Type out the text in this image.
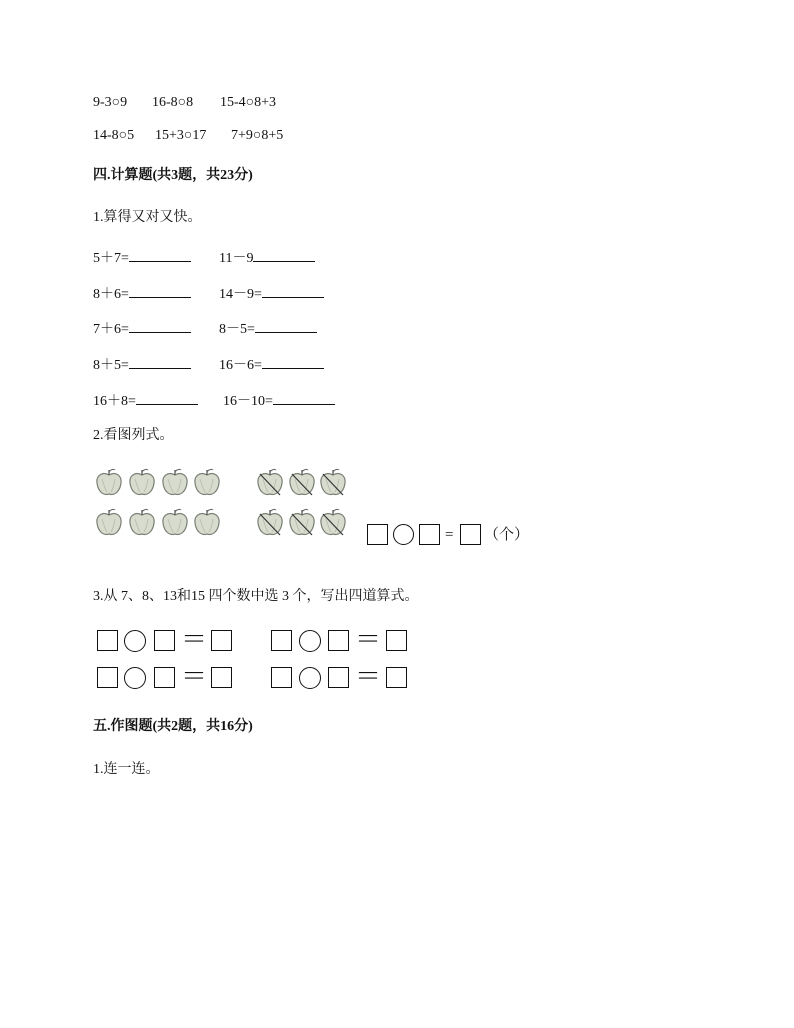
9-3○9 16-8○8 15-4○8+3
14-8○5 15+3○17 7+9○8+5
四.计算题(共3题，共23分)
1.算得又对又快。
5＋7=	11－9
8＋6=	14－9=
7＋6=	8－5=
8＋5=	16－6=
16＋8=	16－10=
2.看图列式。
= （个）
3.从 7、8、13和15 四个数中选 3 个，写出四道算式。
＝	＝
＝	＝
五.作图题(共2题，共16分)
1.连一连。
